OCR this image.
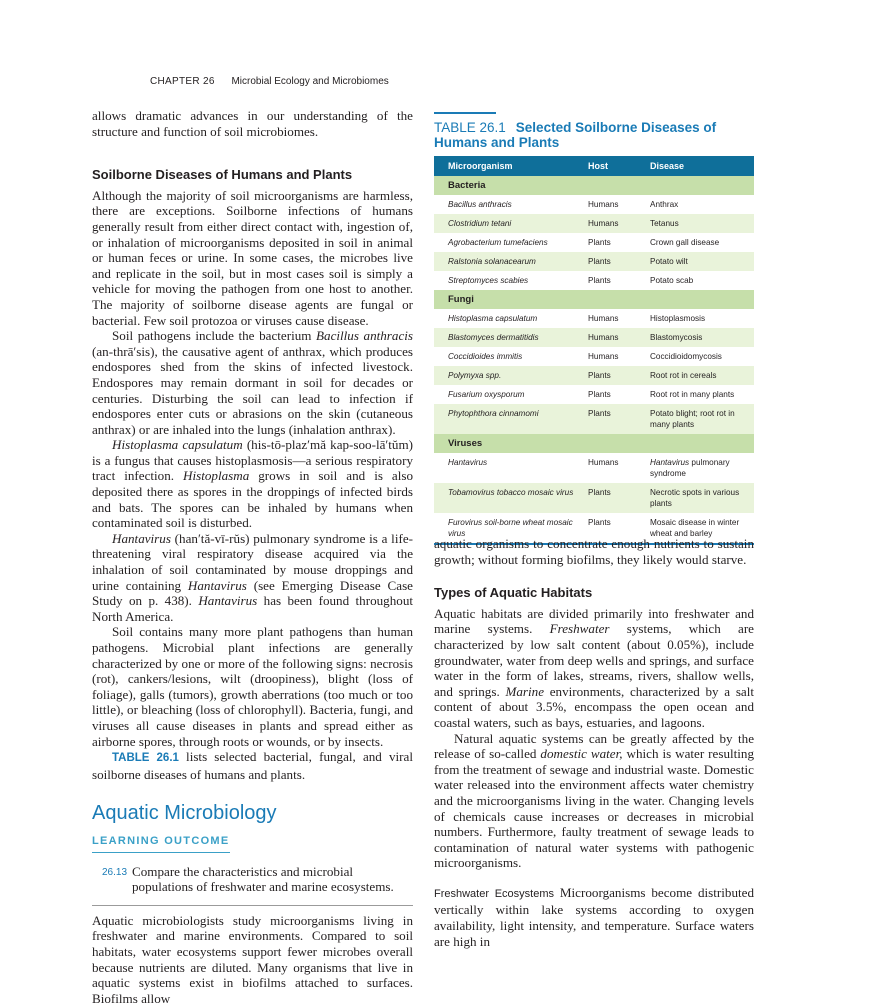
CHAPTER 26 Microbial Ecology and Microbiomes

allows dramatic advances in our understanding of the structure and function of soil microbiomes.

Soilborne Diseases of Humans and Plants

Although the majority of soil microorganisms are harmless, there are exceptions. Soilborne infections of humans generally result from either direct contact with, ingestion of, or inhalation of microorganisms deposited in soil in animal or human feces or urine. In some cases, the microbes live and replicate in the soil, but in most cases soil is simply a vehicle for moving the pathogen from one host to another. The majority of soilborne disease agents are fungal or bacterial. Few soil protozoa or viruses cause disease.

Soil pathogens include the bacterium Bacillus anthracis (an-thrā′sis), the causative agent of anthrax, which produces endospores shed from the skins of infected livestock. Endospores may remain dormant in soil for decades or centuries. Disturbing the soil can lead to infection if endospores enter cuts or abrasions on the skin (cutaneous anthrax) or are inhaled into the lungs (inhalation anthrax).

Histoplasma capsulatum (his-tō-plaz′mă kap-soo-lā′tŭm) is a fungus that causes histoplasmosis—a serious respiratory tract infection. Histoplasma grows in soil and is also deposited there as spores in the droppings of infected birds and bats. The spores can be inhaled by humans when contaminated soil is disturbed.

Hantavirus (han′tă-vī-rŭs) pulmonary syndrome is a life-threatening viral respiratory disease acquired via the inhalation of soil contaminated by mouse droppings and urine containing Hantavirus (see Emerging Disease Case Study on p. 438). Hantavirus has been found throughout North America.

Soil contains many more plant pathogens than human pathogens. Microbial plant infections are generally characterized by one or more of the following signs: necrosis (rot), cankers/lesions, wilt (droopiness), blight (loss of foliage), galls (tumors), growth aberrations (too much or too little), or bleaching (loss of chlorophyll). Bacteria, fungi, and viruses all cause diseases in plants and spread either as airborne spores, through roots or wounds, or by insects.

TABLE 26.1 lists selected bacterial, fungal, and viral soilborne diseases of humans and plants.

Aquatic Microbiology
LEARNING OUTCOME
26.13 Compare the characteristics and microbial populations of freshwater and marine ecosystems.

Aquatic microbiologists study microorganisms living in freshwater and marine environments. Compared to soil habitats, water ecosystems support fewer microbes overall because nutrients are diluted. Many organisms that live in aquatic systems exist in biofilms attached to surfaces. Biofilms allow

TABLE 26.1 Selected Soilborne Diseases of Humans and Plants
Microorganism	Host	Disease
Bacteria		
Bacillus anthracis	Humans	Anthrax
Clostridium tetani	Humans	Tetanus
Agrobacterium tumefaciens	Plants	Crown gall disease
Ralstonia solanacearum	Plants	Potato wilt
Streptomyces scabies	Plants	Potato scab
Fungi		
Histoplasma capsulatum	Humans	Histoplasmosis
Blastomyces dermatitidis	Humans	Blastomycosis
Coccidioides immitis	Humans	Coccidioidomycosis
Polymyxa spp.	Plants	Root rot in cereals
Fusarium oxysporum	Plants	Root rot in many plants
Phytophthora cinnamomi	Plants	Potato blight; root rot in many plants
Viruses		
Hantavirus	Humans	Hantavirus pulmonary syndrome
Tobamovirus tobacco mosaic virus	Plants	Necrotic spots in various plants
Furovirus soil-borne wheat mosaic virus	Plants	Mosaic disease in winter wheat and barley

aquatic organisms to concentrate enough nutrients to sustain growth; without forming biofilms, they likely would starve.

Types of Aquatic Habitats

Aquatic habitats are divided primarily into freshwater and marine systems. Freshwater systems, which are characterized by low salt content (about 0.05%), include groundwater, water from deep wells and springs, and surface water in the form of lakes, streams, rivers, shallow wells, and springs. Marine environments, characterized by a salt content of about 3.5%, encompass the open ocean and coastal waters, such as bays, estuaries, and lagoons.

Natural aquatic systems can be greatly affected by the release of so-called domestic water, which is water resulting from the treatment of sewage and industrial waste. Domestic water released into the environment affects water chemistry and the microorganisms living in the water. Changing levels of chemicals cause increases or decreases in microbial numbers. Furthermore, faulty treatment of sewage leads to contamination of natural water systems with pathogenic microorganisms.

Freshwater Ecosystems Microorganisms become distributed vertically within lake systems according to oxygen availability, light intensity, and temperature. Surface waters are high in
